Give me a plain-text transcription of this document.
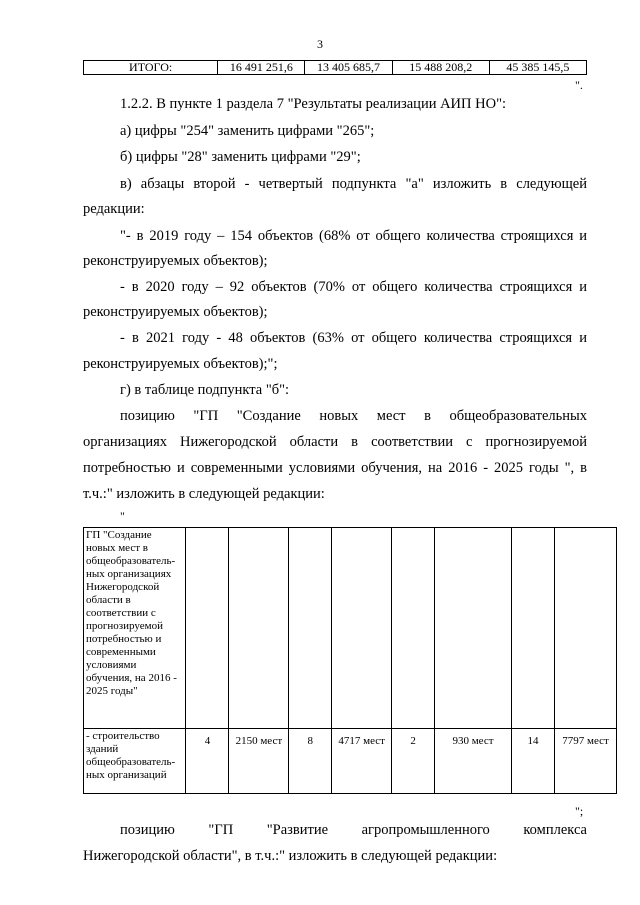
3
ИТОГО:	16 491 251,6	13 405 685,7	15 488 208,2	45 385 145,5
".
1.2.2. В пункте 1 раздела 7 "Результаты реализации АИП НО":
а) цифры "254" заменить цифрами "265";
б) цифры "28" заменить цифрами "29";
в) абзацы второй - четвертый подпункта "а" изложить в следующей
редакции:
"- в 2019 году – 154 объектов (68% от общего количества строящихся и
реконструируемых объектов);
- в 2020 году – 92 объектов (70% от общего количества строящихся и
реконструируемых объектов);
- в 2021 году - 48 объектов (63% от общего количества строящихся и
реконструируемых объектов);";
г) в таблице подпункта "б":
позицию "ГП "Создание новых мест в общеобразовательных
организациях Нижегородской области в соответствии с прогнозируемой
потребностью и современными условиями обучения, на 2016 - 2025 годы ", в
т.ч.:" изложить в следующей редакции:
"
ГП "Создание новых мест в общеобразователь-ных организациях Нижегородской области в соответствии с прогнозируемой потребностью и современными условиями обучения, на 2016 - 2025 годы"								
- строительство зданий общеобразователь-ных организаций	4	2150 мест	8	4717 мест	2	930 мест	14	7797 мест
";
позицию "ГП "Развитие агропромышленного комплекса
Нижегородской области", в т.ч.:" изложить в следующей редакции:
